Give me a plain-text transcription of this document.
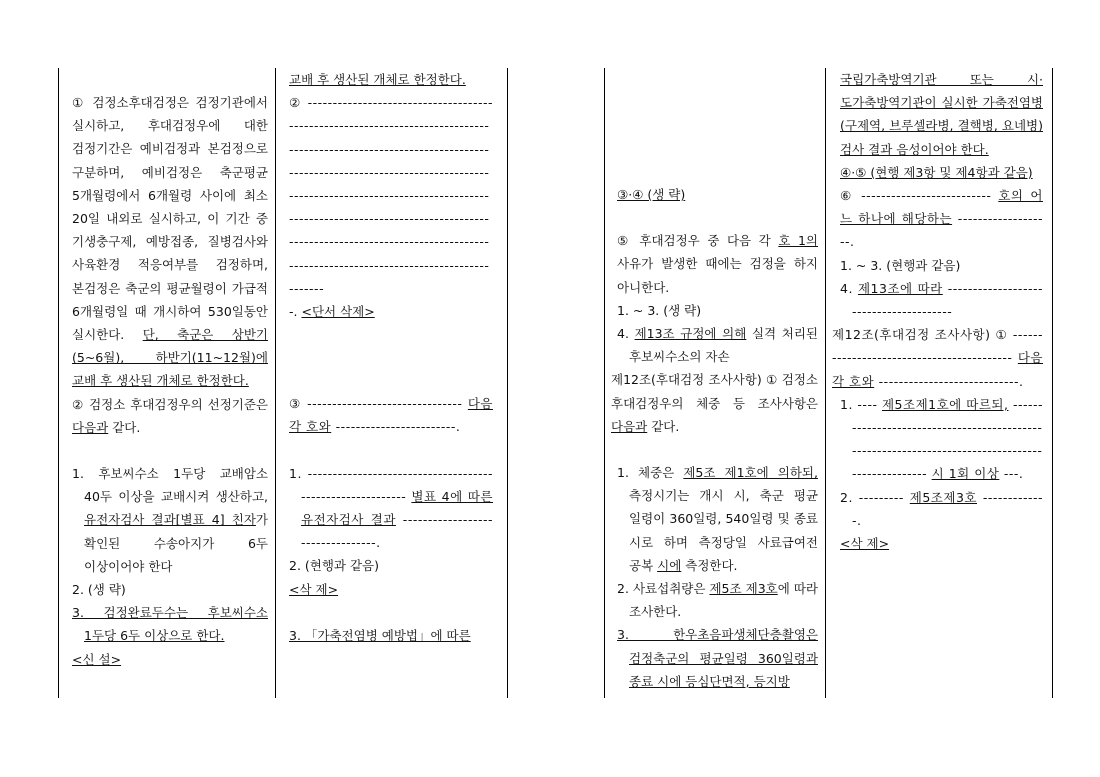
① 검정소후대검정은 검정기관에서 실시하고, 후대검정우에 대한 검정기간은 예비검정과 본검정으로 구분하며, 예비검정은 축군평균 5개월령에서 6개월령 사이에 최소 20일 내외로 실시하고, 이 기간 중 기생충구제, 예방접종, 질병검사와 사육환경 적응여부를 검정하며, 본검정은 축군의 평균월령이 가급적 6개월령일 때 개시하여 530일동안 실시한다. 단, 축군은 상반기(5~6월), 하반기(11~12월)에 교배 후 생산된 개체로 한정한다.

② 검정소 후대검정우의 선정기준은 다음과 같다.

1. 후보씨수소 1두당 교배암소 40두 이상을 교배시켜 생산하고, 유전자검사 결과[별표 4] 친자가 확인된 수송아지가 6두 이상이어야 한다

2. (생 략)

3. 검정완료두수는 후보씨수소 1두당 6두 이상으로 한다.

<신 설>

교배 후 생산된 개체로 한정한다.

② ------------------------------------------------------------------------------------------------------------------------------------------------------------------------------------------------------------------------------------------------------------------------------------------------------------------------------------

-. <단서 삭제>

③ ------------------------------- 다음 각 호와 ------------------------.

1. ---------------------------------------------------------- 별표 4에 따른 유전자검사 결과 ---------------------------------.

2. (현행과 같음)

<삭 제>

3. 「가축전염병 예방법」에 따른

③·④ (생 략)

⑤ 후대검정우 중 다음 각 호 1의 사유가 발생한 때에는 검정을 하지 아니한다.

1. ~ 3. (생 략)

4. 제13조 규정에 의해 실격 처리된 후보씨수소의 자손

제12조(후대검정 조사사항) ① 검정소 후대검정우의 체중 등 조사사항은 다음과 같다.

1. 체중은 제5조 제1호에 의하되, 측정시기는 개시 시, 축군 평균 일령이 360일령, 540일령 및 종료 시로 하며 측정당일 사료급여전 공복 시에 측정한다.

2. 사료섭취량은 제5조 제3호에 따라 조사한다.

3. 한우초음파생체단층촬영은 검정축군의 평균일령 360일령과 종료 시에 등심단면적, 등지방

국립가축방역기관 또는 시·도가축방역기관이 실시한 가축전염병(구제역, 브루셀라병, 결핵병, 요네병) 검사 결과 음성이어야 한다.

④·⑤ (현행 제3항 및 제4항과 같음)

⑥ -------------------------- 호의 어느 하나에 해당하는 -------------------.

1. ~ 3. (현행과 같음)

4. 제13조에 따라 ---------------------------------------

제12조(후대검정 조사사항) ① ------------------------------------------ 다음 각 호와 ----------------------------.

1. ---- 제5조제1호에 따르되, ------------------------------------------------------------------------------------------------- 시 1회 이상 ---.

2. --------- 제5조제3호 -------------.

<삭 제>
